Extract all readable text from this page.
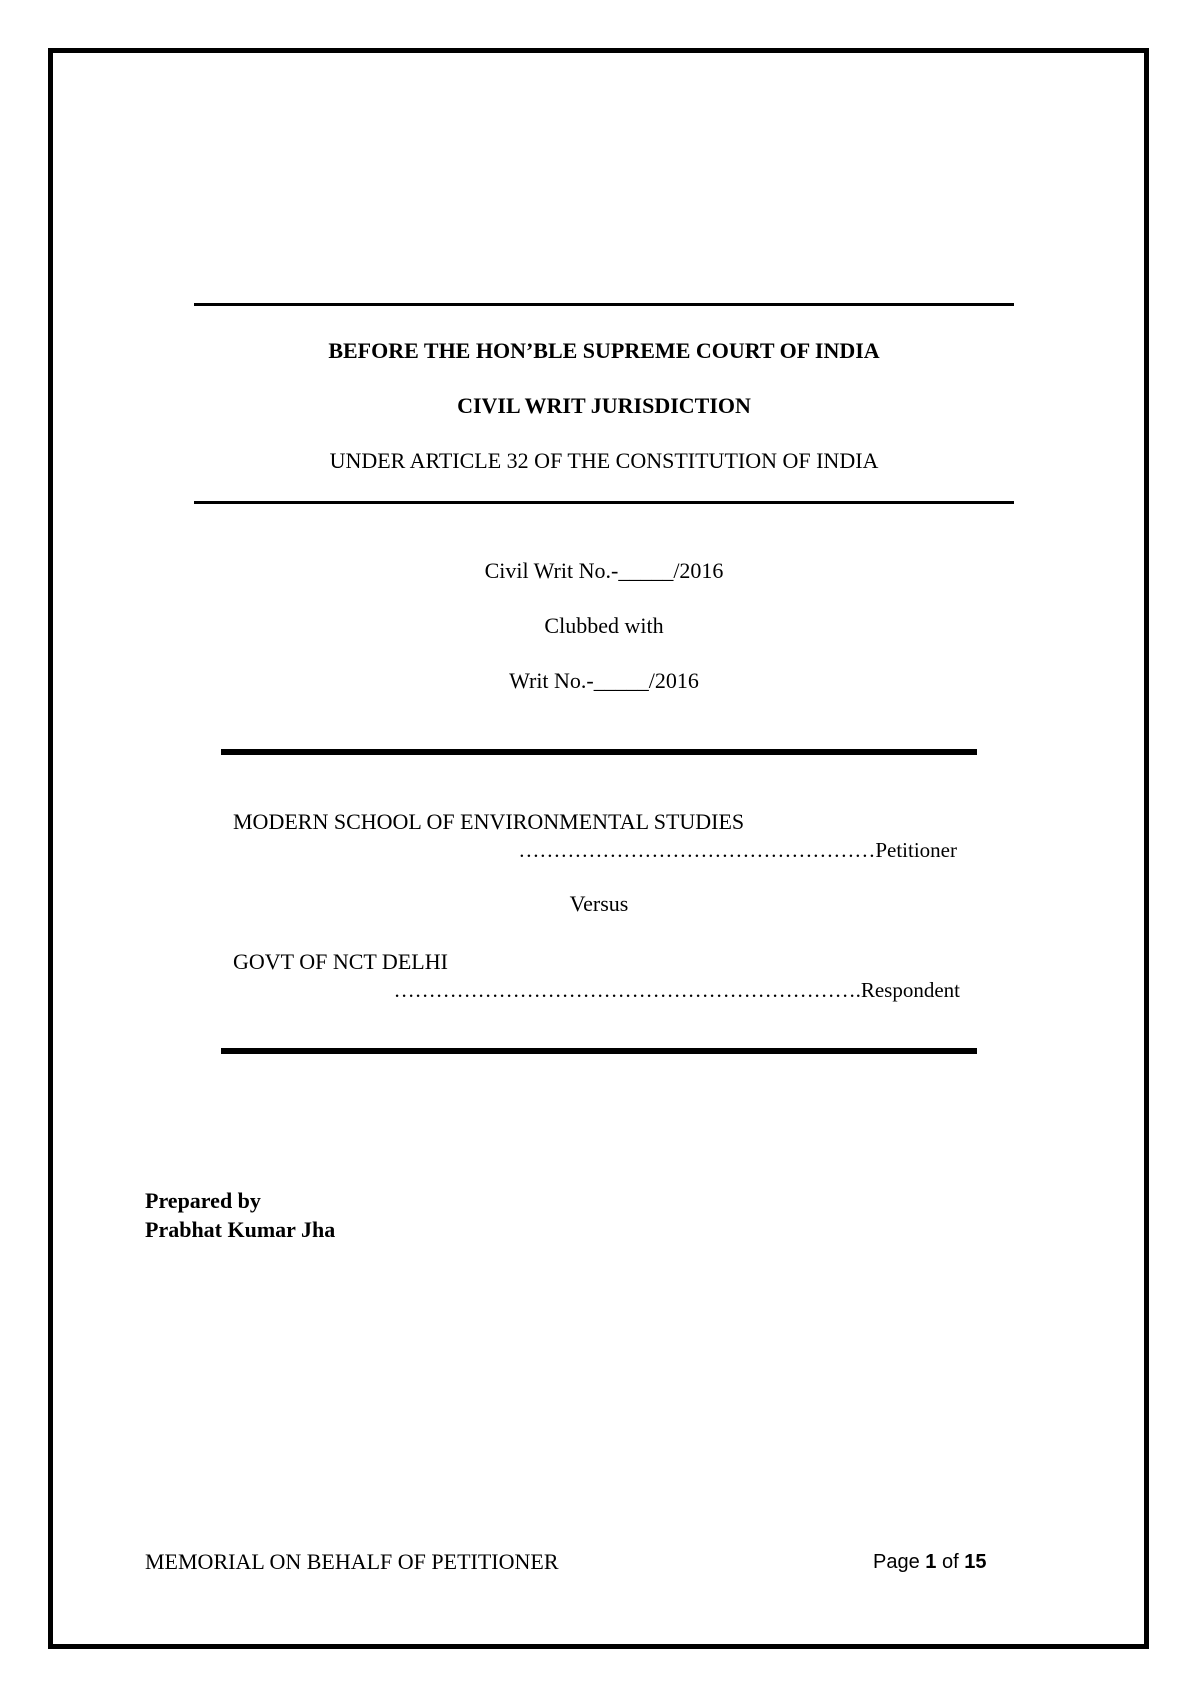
BEFORE THE HON’BLE SUPREME COURT OF INDIA
CIVIL WRIT JURISDICTION
UNDER ARTICLE 32 OF THE CONSTITUTION OF INDIA
Civil Writ No.-_____/2016
Clubbed with
Writ No.-_____/2016
MODERN SCHOOL OF ENVIRONMENTAL STUDIES
……………………………………………Petitioner
Versus
GOVT OF NCT DELHI
………………………………………………………….Respondent
Prepared by
Prabhat Kumar Jha
MEMORIAL ON BEHALF OF PETITIONER	Page 1 of 15
